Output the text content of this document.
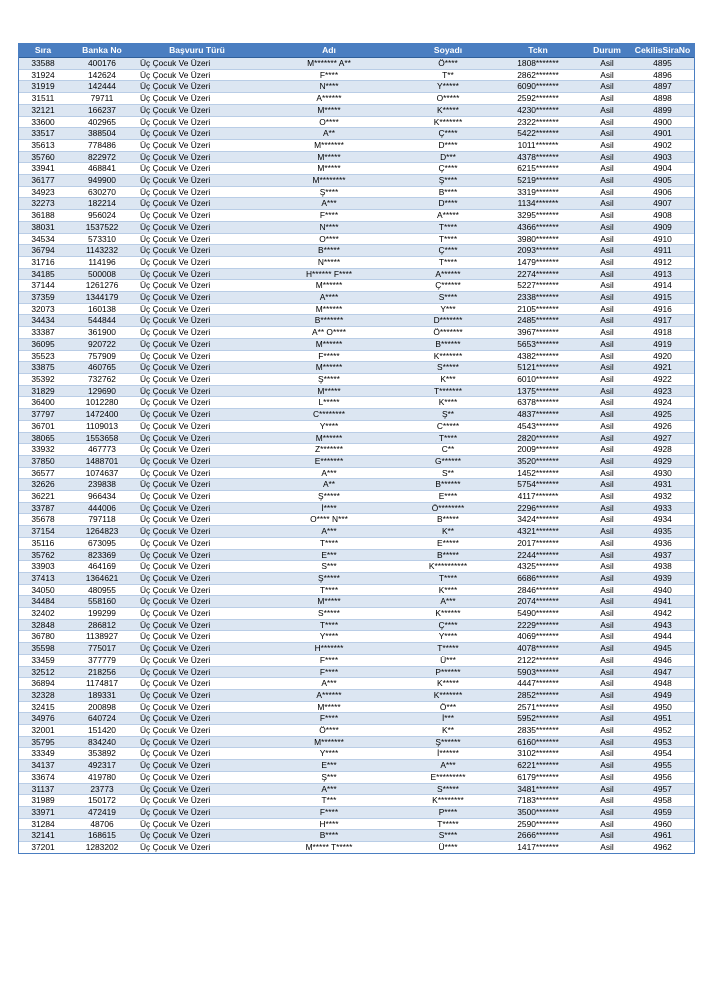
Sıra	Banka No	Başvuru Türü	Adı	Soyadı	Tckn	Durum	CekilisSiraNo
33588	400176	Üç Çocuk Ve Üzeri	M******* A**	Ö****	1808*******	Asil	4895
31924	142624	Üç Çocuk Ve Üzeri	F****	T**	2862*******	Asil	4896
31919	142444	Üç Çocuk Ve Üzeri	N****	Y*****	6090*******	Asil	4897
31511	79711	Üç Çocuk Ve Üzeri	A******	O*****	2592*******	Asil	4898
32121	166237	Üç Çocuk Ve Üzeri	M*****	K*****	4230*******	Asil	4899
33600	402965	Üç Çocuk Ve Üzeri	O****	K*******	2322*******	Asil	4900
33517	388504	Üç Çocuk Ve Üzeri	A**	Ç****	5422*******	Asil	4901
35613	778486	Üç Çocuk Ve Üzeri	M*******	D****	1011*******	Asil	4902
35760	822972	Üç Çocuk Ve Üzeri	M*****	D***	4378*******	Asil	4903
33941	468841	Üç Çocuk Ve Üzeri	M*****	Ç****	6215*******	Asil	4904
36177	949900	Üç Çocuk Ve Üzeri	M********	Ş****	5219*******	Asil	4905
34923	630270	Üç Çocuk Ve Üzeri	Ş****	B****	3319*******	Asil	4906
32273	182214	Üç Çocuk Ve Üzeri	A***	D****	1134*******	Asil	4907
36188	956024	Üç Çocuk Ve Üzeri	F****	A*****	3295*******	Asil	4908
38031	1537522	Üç Çocuk Ve Üzeri	N****	T****	4366*******	Asil	4909
34534	573310	Üç Çocuk Ve Üzeri	O****	T****	3980*******	Asil	4910
36794	1143232	Üç Çocuk Ve Üzeri	B*****	Ç****	2093*******	Asil	4911
31716	114196	Üç Çocuk Ve Üzeri	N*****	T****	1479*******	Asil	4912
34185	500008	Üç Çocuk Ve Üzeri	H****** F****	A******	2274*******	Asil	4913
37144	1261276	Üç Çocuk Ve Üzeri	M******	Ç******	5227*******	Asil	4914
37359	1344179	Üç Çocuk Ve Üzeri	A****	S****	2338*******	Asil	4915
32073	160138	Üç Çocuk Ve Üzeri	M******	Y***	2105*******	Asil	4916
34434	544844	Üç Çocuk Ve Üzeri	B*******	D*******	2485*******	Asil	4917
33387	361900	Üç Çocuk Ve Üzeri	A** O****	Ö*******	3967*******	Asil	4918
36095	920722	Üç Çocuk Ve Üzeri	M******	B******	5653*******	Asil	4919
35523	757909	Üç Çocuk Ve Üzeri	F*****	K*******	4382*******	Asil	4920
33875	460765	Üç Çocuk Ve Üzeri	M******	S*****	5121*******	Asil	4921
35392	732762	Üç Çocuk Ve Üzeri	Ş*****	K***	6010*******	Asil	4922
31829	129690	Üç Çocuk Ve Üzeri	M*****	T*******	1375*******	Asil	4923
36400	1012280	Üç Çocuk Ve Üzeri	L*****	K****	6378*******	Asil	4924
37797	1472400	Üç Çocuk Ve Üzeri	C********	Ş**	4837*******	Asil	4925
36701	1109013	Üç Çocuk Ve Üzeri	Y****	C*****	4543*******	Asil	4926
38065	1553658	Üç Çocuk Ve Üzeri	M******	T****	2820*******	Asil	4927
33932	467773	Üç Çocuk Ve Üzeri	Z*******	C**	2009*******	Asil	4928
37850	1488701	Üç Çocuk Ve Üzeri	E*******	G******	3520*******	Asil	4929
36577	1074637	Üç Çocuk Ve Üzeri	A***	S**	1452*******	Asil	4930
32626	239838	Üç Çocuk Ve Üzeri	A**	B******	5754*******	Asil	4931
36221	966434	Üç Çocuk Ve Üzeri	Ş*****	E****	4117*******	Asil	4932
33787	444006	Üç Çocuk Ve Üzeri	İ****	Ö********	2296*******	Asil	4933
35678	797118	Üç Çocuk Ve Üzeri	O**** N***	B*****	3424*******	Asil	4934
37154	1264823	Üç Çocuk Ve Üzeri	A***	K**	4321*******	Asil	4935
35116	673095	Üç Çocuk Ve Üzeri	T****	E*****	2017*******	Asil	4936
35762	823369	Üç Çocuk Ve Üzeri	E***	B*****	2244*******	Asil	4937
33903	464169	Üç Çocuk Ve Üzeri	S***	K**********	4325*******	Asil	4938
37413	1364621	Üç Çocuk Ve Üzeri	Ş*****	T****	6686*******	Asil	4939
34050	480955	Üç Çocuk Ve Üzeri	T****	K****	2846*******	Asil	4940
34484	558160	Üç Çocuk Ve Üzeri	M*****	A***	2074*******	Asil	4941
32402	199299	Üç Çocuk Ve Üzeri	S*****	K******	5490*******	Asil	4942
32848	286812	Üç Çocuk Ve Üzeri	T****	Ç****	2229*******	Asil	4943
36780	1138927	Üç Çocuk Ve Üzeri	Y****	Y****	4069*******	Asil	4944
35598	775017	Üç Çocuk Ve Üzeri	H*******	T*****	4078*******	Asil	4945
33459	377779	Üç Çocuk Ve Üzeri	F****	Ü***	2122*******	Asil	4946
32512	218256	Üç Çocuk Ve Üzeri	F****	P******	5903*******	Asil	4947
36894	1174817	Üç Çocuk Ve Üzeri	A***	K*****	4447*******	Asil	4948
32328	189331	Üç Çocuk Ve Üzeri	A******	K*******	2852*******	Asil	4949
32415	200898	Üç Çocuk Ve Üzeri	M*****	Ö***	2571*******	Asil	4950
34976	640724	Üç Çocuk Ve Üzeri	F****	İ***	5952*******	Asil	4951
32001	151420	Üç Çocuk Ve Üzeri	Ö****	K**	2835*******	Asil	4952
35795	834240	Üç Çocuk Ve Üzeri	M*******	Ş******	6160*******	Asil	4953
33349	353892	Üç Çocuk Ve Üzeri	Y****	İ******	3102*******	Asil	4954
34137	492317	Üç Çocuk Ve Üzeri	E***	A***	6221*******	Asil	4955
33674	419780	Üç Çocuk Ve Üzeri	Ş***	E*********	6179*******	Asil	4956
31137	23773	Üç Çocuk Ve Üzeri	A***	S*****	3481*******	Asil	4957
31989	150172	Üç Çocuk Ve Üzeri	T***	K********	7183*******	Asil	4958
33971	472419	Üç Çocuk Ve Üzeri	F****	P****	3500*******	Asil	4959
31284	48706	Üç Çocuk Ve Üzeri	H****	T*****	2590*******	Asil	4960
32141	168615	Üç Çocuk Ve Üzeri	B****	S****	2666*******	Asil	4961
37201	1283202	Üç Çocuk Ve Üzeri	M***** T*****	Ü****	1417*******	Asil	4962
